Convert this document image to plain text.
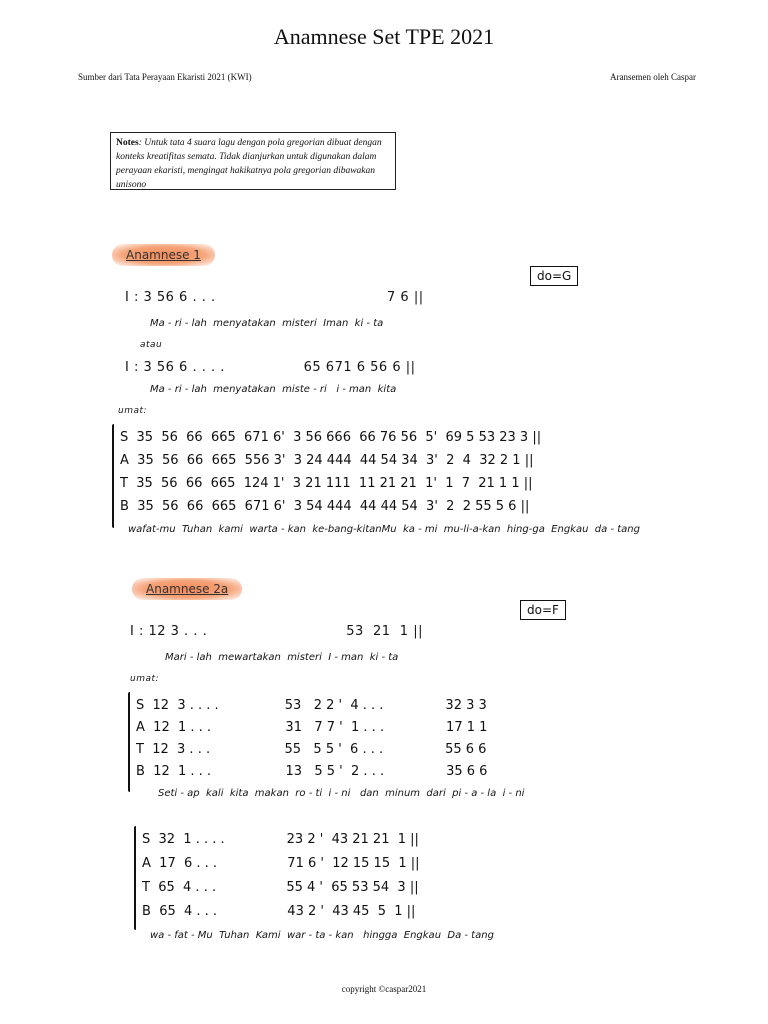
Anamnese Set TPE 2021
Sumber dari Tata Perayaan Ekaristi 2021 (KWI)	Aransemen oleh Caspar
Notes: Untuk tata 4 suara lagu dengan pola gregorian dibuat dengan konteks kreatifitas semata. Tidak dianjurkan untuk digunakan dalam perayaan ekaristi, mengingat hakikatnya pola gregorian dibawakan unisono
Anamnese 1
do=G
I : 3 56 6 . . .                                     7 6 ||
Ma - ri - lah  menyatakan  misteri  Iman  ki - ta
atau
I : 3 56 6 . . . .                 65 671 6 56 6 ||
Ma - ri - lah  menyatakan  miste - ri   i - man  kita
umat:
S 35  56  66  665  671 6'  3 56 666  66 76 56  5'  69 5 53 23 3 ||
A 35  56  66  665  556 3'  3 24 444  44 54 34  3'  2  4  32 2 1 ||
T 35  56  66  665  124 1'  3 21 111  11 21 21  1'  1  7  21 1 1 ||
B 35  56  66  665  671 6'  3 54 444  44 44 54  3'  2  2 55 5 6 ||
wafat-mu  Tuhan  kami  warta - kan  ke-bang-kitanMu  ka - mi  mu-li-a-kan  hing-ga  Engkau  da - tang
Anamnese 2a
do=F
I : 12 3 . . .                              53  21  1 ||
Mari - lah  mewartakan  misteri  I - man  ki - ta
umat:
S 12  3 . . . .                53   2 2 '  4 . . .               32 3 3
A 12  1 . . .                  31   7 7 '  1 . . .               17 1 1
T 12  3 . . .                  55   5 5 '  6 . . .               55 6 6
B 12  1 . . .                  13   5 5 '  2 . . .               35 6 6
Seti - ap  kali  kita  makan  ro - ti  i - ni   dan  minum  dari  pi - a - la  i - ni
S 32  1 . . . .               23 2 '  43 21 21  1 ||
A 17  6 . . .                 71 6 '  12 15 15  1 ||
T 65  4 . . .                 55 4 '  65 53 54  3 ||
B 65  4 . . .                 43 2 '  43 45  5  1 ||
wa - fat - Mu  Tuhan  Kami  war - ta - kan   hingga  Engkau  Da - tang
copyright ©caspar2021
